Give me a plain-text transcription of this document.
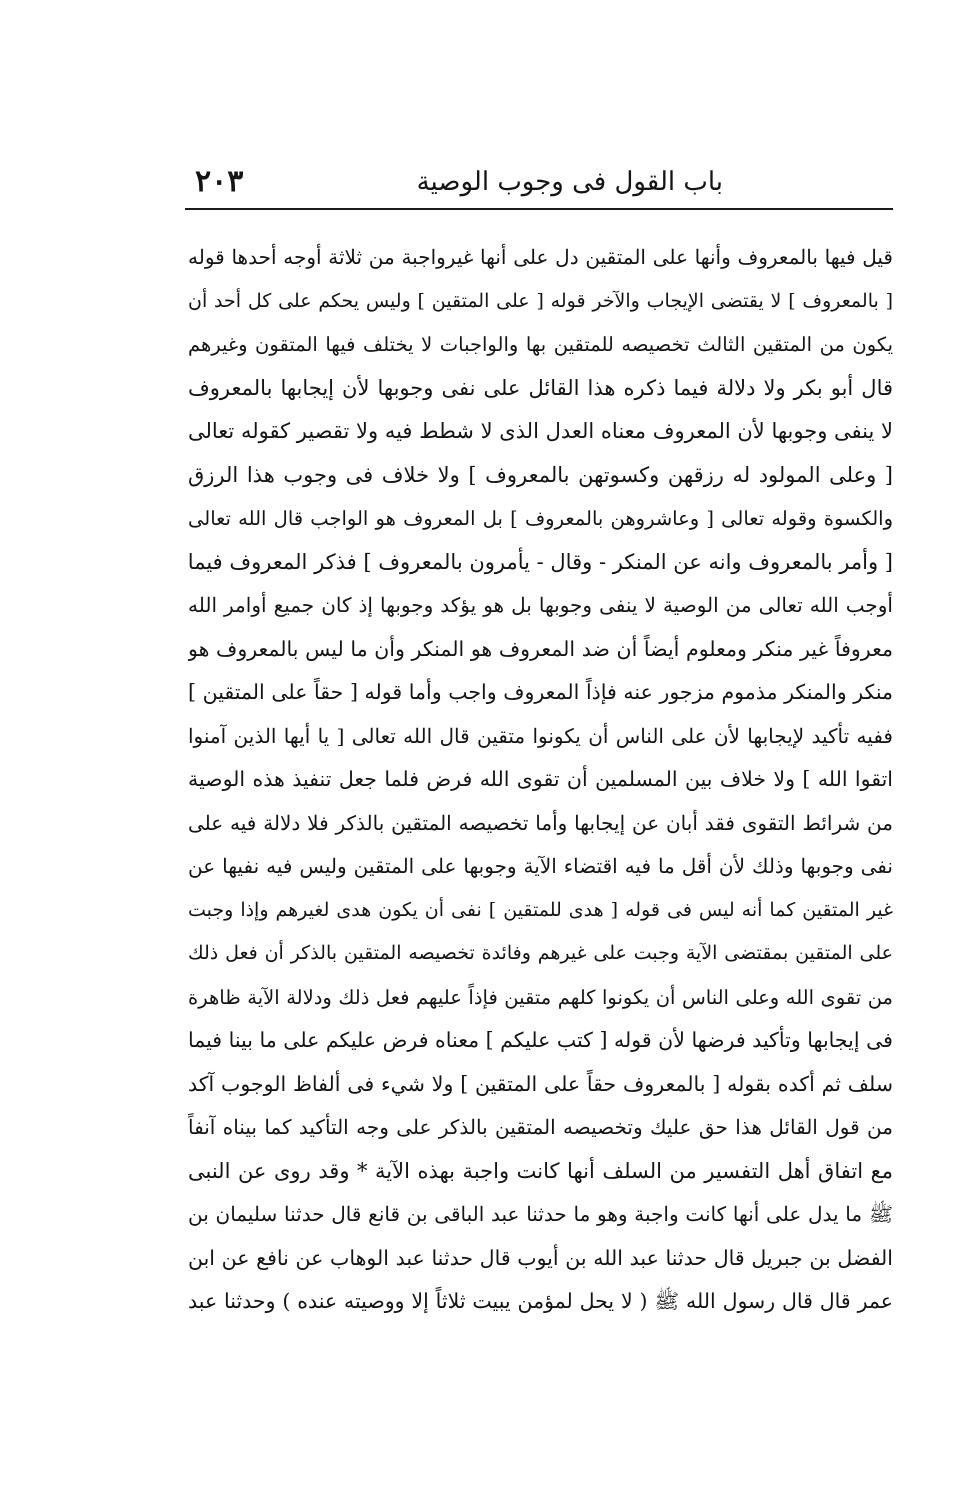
باب القول فى وجوب الوصية
٢٠٣
قيل فيها بالمعروف وأنها على المتقين دل على أنها غيرواجبة من ثلاثة أوجه أحدها قوله
[ بالمعروف ] لا يقتضى الإيجاب والآخر قوله [ على المتقين ] وليس يحكم على كل أحد أن
يكون من المتقين الثالث تخصيصه للمتقين بها والواجبات لا يختلف فيها المتقون وغيرهم
قال أبو بكر ولا دلالة فيما ذكره هذا القائل على نفى وجوبها لأن إيجابها بالمعروف
لا ينفى وجوبها لأن المعروف معناه العدل الذى لا شطط فيه ولا تقصير كقوله تعالى
[ وعلى المولود له رزقهن وكسوتهن بالمعروف ] ولا خلاف فى وجوب هذا الرزق
والكسوة وقوله تعالى [ وعاشروهن بالمعروف ] بل المعروف هو الواجب قال الله تعالى
[ وأمر بالمعروف وانه عن المنكر - وقال - يأمرون بالمعروف ] فذكر المعروف فيما
أوجب الله تعالى من الوصية لا ينفى وجوبها بل هو يؤكد وجوبها إذ كان جميع أوامر الله
معروفاً غير منكر ومعلوم أيضاً أن ضد المعروف هو المنكر وأن ما ليس بالمعروف هو
منكر والمنكر مذموم مزجور عنه فإذاً المعروف واجب وأما قوله [ حقاً على المتقين ]
ففيه تأكيد لإيجابها لأن على الناس أن يكونوا متقين قال الله تعالى [ يا أيها الذين آمنوا
اتقوا الله ] ولا خلاف بين المسلمين أن تقوى الله فرض فلما جعل تنفيذ هذه الوصية
من شرائط التقوى فقد أبان عن إيجابها وأما تخصيصه المتقين بالذكر فلا دلالة فيه على
نفى وجوبها وذلك لأن أقل ما فيه اقتضاء الآية وجوبها على المتقين وليس فيه نفيها عن
غير المتقين كما أنه ليس فى قوله [ هدى للمتقين ] نفى أن يكون هدى لغيرهم وإذا وجبت
على المتقين بمقتضى الآية وجبت على غيرهم وفائدة تخصيصه المتقين بالذكر أن فعل ذلك
من تقوى الله وعلى الناس أن يكونوا كلهم متقين فإذاً عليهم فعل ذلك ودلالة الآية ظاهرة
فى إيجابها وتأكيد فرضها لأن قوله [ كتب عليكم ] معناه فرض عليكم على ما بينا فيما
سلف ثم أكده بقوله [ بالمعروف حقاً على المتقين ] ولا شيء فى ألفاظ الوجوب آكد
من قول القائل هذا حق عليك وتخصيصه المتقين بالذكر على وجه التأكيد كما بيناه آنفاً
مع اتفاق أهل التفسير من السلف أنها كانت واجبة بهذه الآية * وقد روى عن النبى
ﷺ ما يدل على أنها كانت واجبة وهو ما حدثنا عبد الباقى بن قانع قال حدثنا سليمان بن
الفضل بن جبريل قال حدثنا عبد الله بن أيوب قال حدثنا عبد الوهاب عن نافع عن ابن
عمر قال قال رسول الله ﷺ ( لا يحل لمؤمن يبيت ثلاثاً إلا ووصيته عنده ) وحدثنا عبد
